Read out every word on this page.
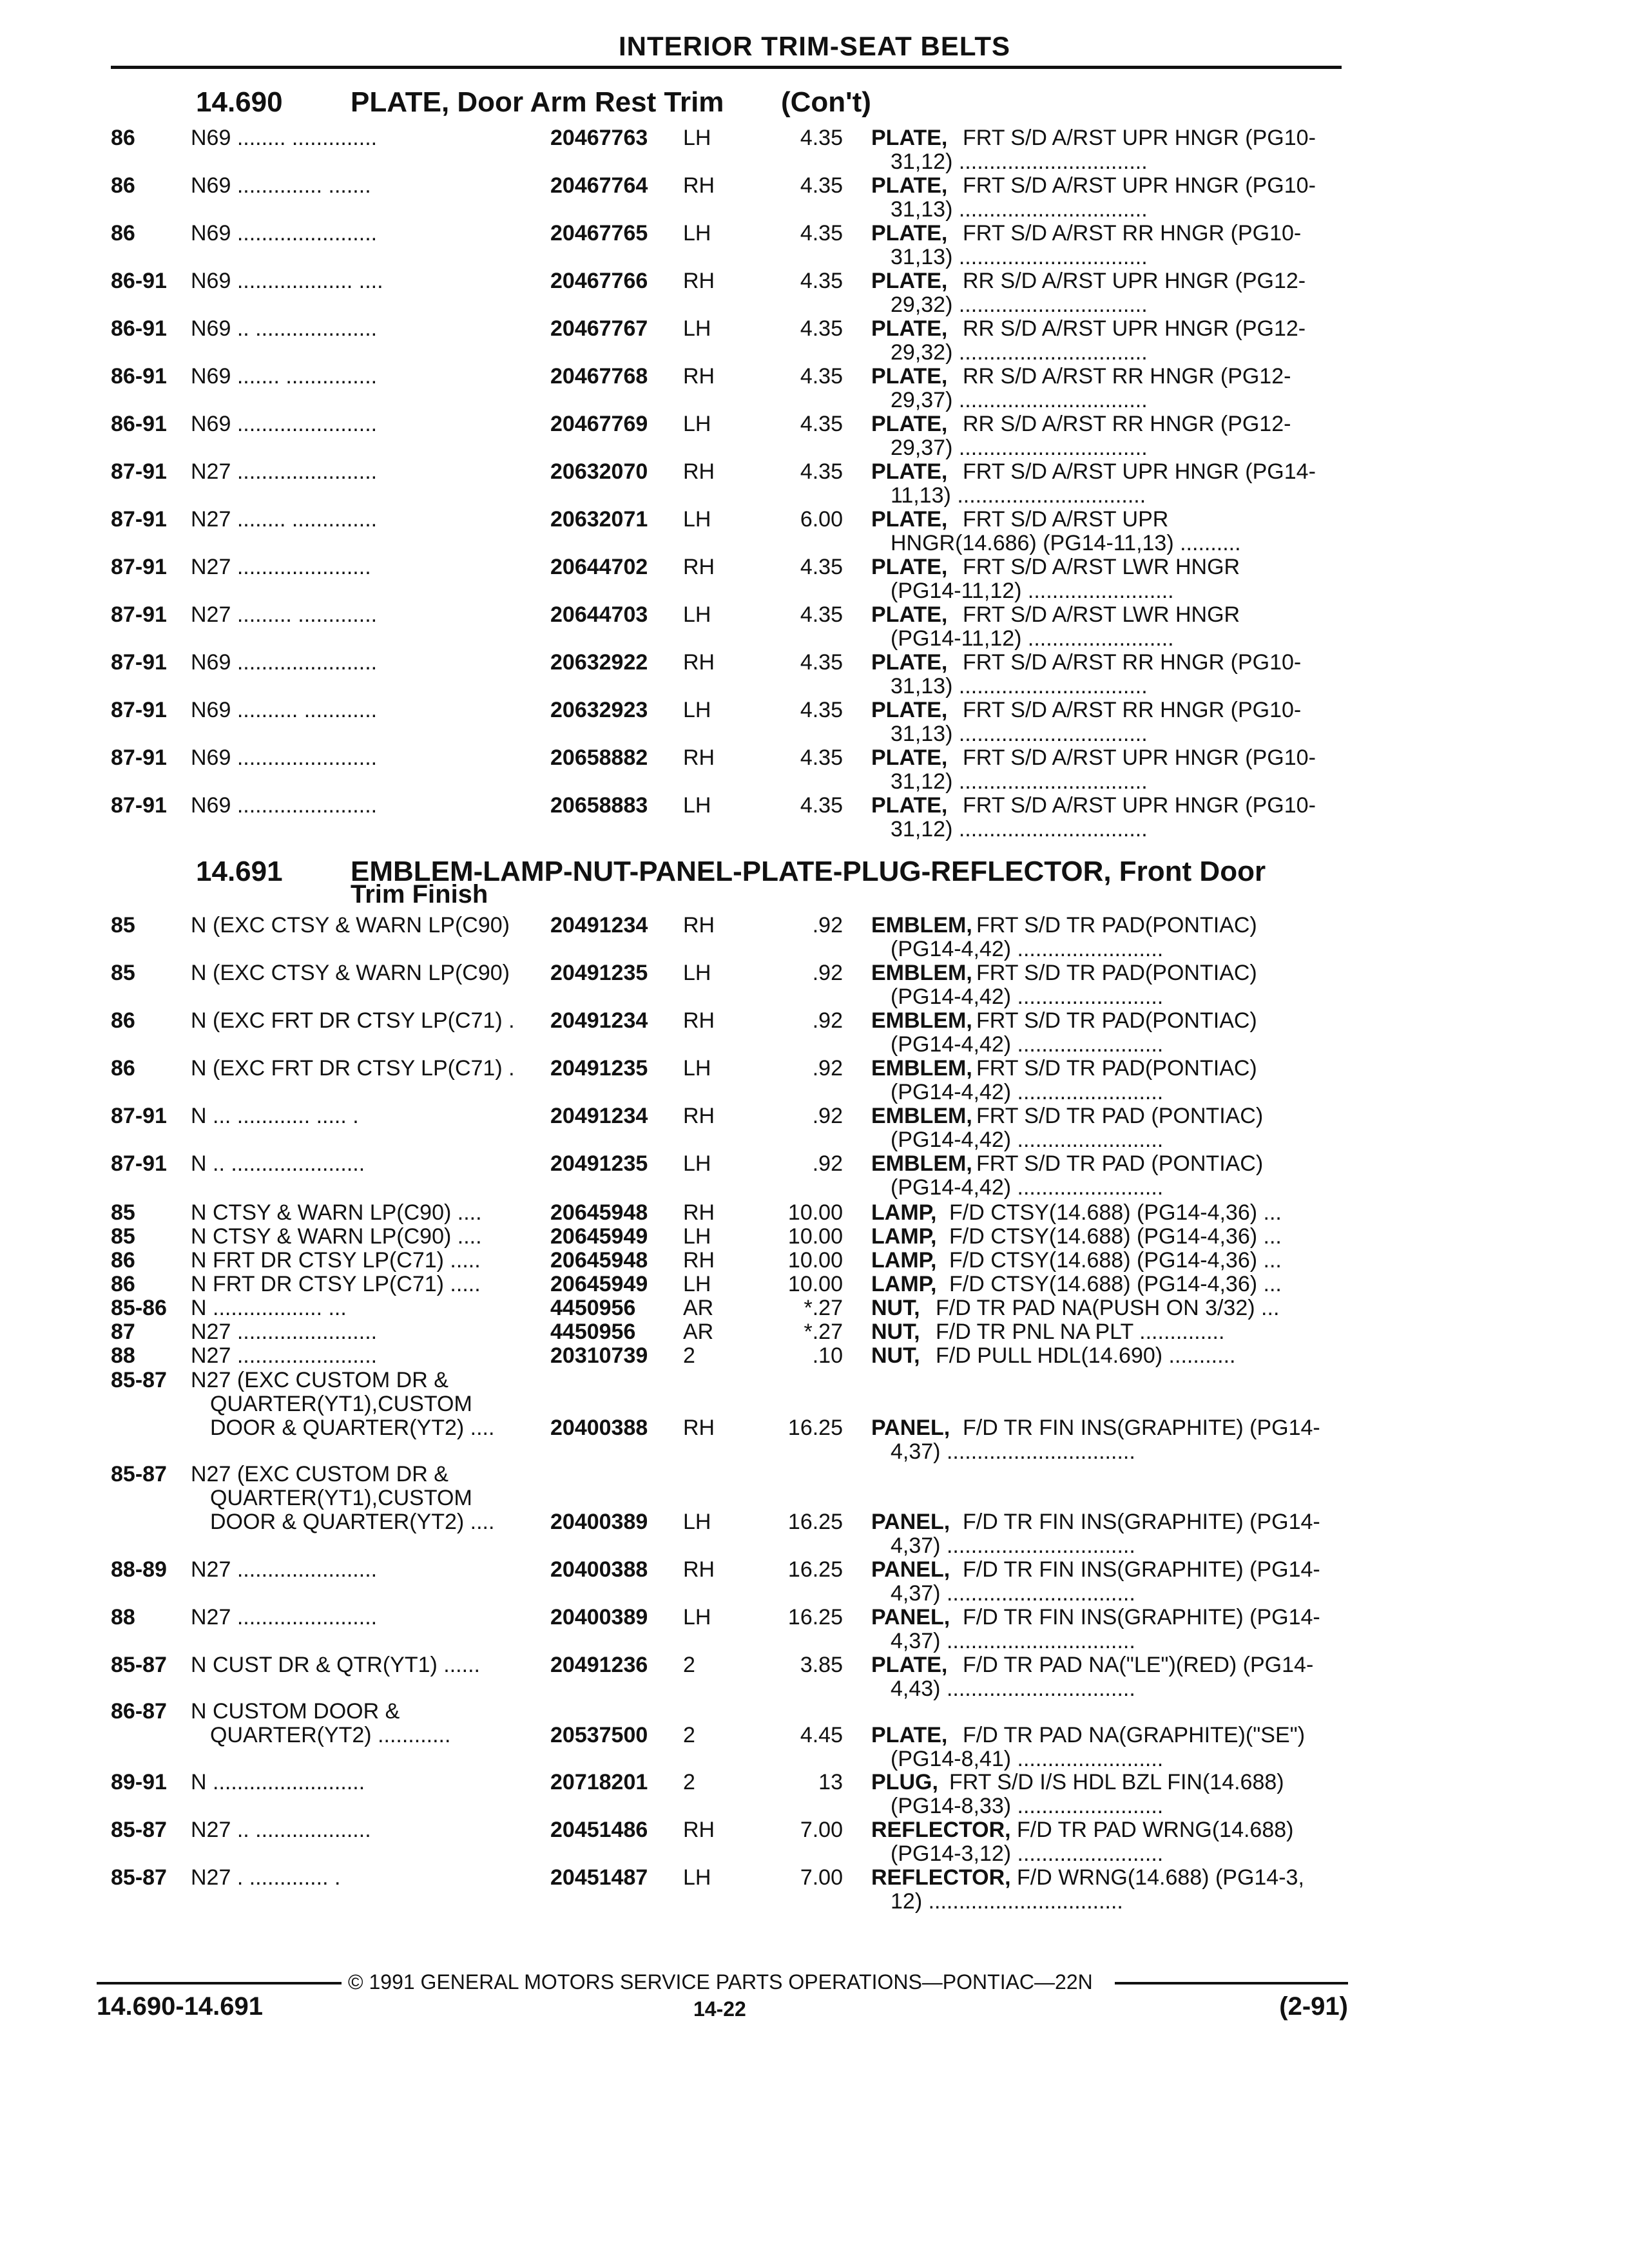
INTERIOR TRIM-SEAT BELTS
14.690 PLATE, Door Arm Rest Trim (Con't)
86	N69 ........ ..............	20467763 LH	4.35 PLATE, FRT S/D A/RST UPR HNGR (PG10-
31,12) ...............................
86	N69 .............. .......	20467764 RH	4.35 PLATE, FRT S/D A/RST UPR HNGR (PG10-
31,13) ...............................
86	N69 .......................	20467765 LH	4.35 PLATE, FRT S/D A/RST RR HNGR (PG10-
31,13) ...............................
86-91 N69 ................... ....	20467766 RH	4.35 PLATE, RR S/D A/RST UPR HNGR (PG12-
29,32) ...............................
86-91 N69 .. ....................	20467767 LH	4.35 PLATE, RR S/D A/RST UPR HNGR (PG12-
29,32) ...............................
86-91 N69 ....... ...............	20467768 RH	4.35 PLATE, RR S/D A/RST RR HNGR (PG12-
29,37) ...............................
86-91 N69 .......................	20467769 LH	4.35 PLATE, RR S/D A/RST RR HNGR (PG12-
29,37) ...............................
87-91 N27 .......................	20632070 RH	4.35 PLATE, FRT S/D A/RST UPR HNGR (PG14-
11,13) ...............................
87-91 N27 ........ ..............	20632071 LH	6.00 PLATE, FRT S/D A/RST UPR
HNGR(14.686) (PG14-11,13) ..........
87-91 N27 ......................	20644702 RH	4.35 PLATE, FRT S/D A/RST LWR HNGR
(PG14-11,12) ........................
87-91 N27 ......... .............	20644703 LH	4.35 PLATE, FRT S/D A/RST LWR HNGR
(PG14-11,12) ........................
87-91 N69 .......................	20632922 RH	4.35 PLATE, FRT S/D A/RST RR HNGR (PG10-
31,13) ...............................
87-91 N69 .......... ............	20632923 LH	4.35 PLATE, FRT S/D A/RST RR HNGR (PG10-
31,13) ...............................
87-91 N69 .......................	20658882 RH	4.35 PLATE, FRT S/D A/RST UPR HNGR (PG10-
31,12) ...............................
87-91 N69 .......................	20658883 LH	4.35 PLATE, FRT S/D A/RST UPR HNGR (PG10-
31,12) ...............................
14.691 EMBLEM-LAMP-NUT-PANEL-PLATE-PLUG-REFLECTOR, Front Door
Trim Finish
85	N (EXC CTSY & WARN LP(C90) 20491234 RH	.92 EMBLEM, FRT S/D TR PAD(PONTIAC)
(PG14-4,42) ........................
85	N (EXC CTSY & WARN LP(C90) 20491235 LH	.92 EMBLEM, FRT S/D TR PAD(PONTIAC)
(PG14-4,42) ........................
86	N (EXC FRT DR CTSY LP(C71) . 20491234 RH	.92 EMBLEM, FRT S/D TR PAD(PONTIAC)
(PG14-4,42) ........................
86	N (EXC FRT DR CTSY LP(C71) . 20491235 LH	.92 EMBLEM, FRT S/D TR PAD(PONTIAC)
(PG14-4,42) ........................
87-91 N ... ............ ..... .	20491234 RH	.92 EMBLEM, FRT S/D TR PAD (PONTIAC)
(PG14-4,42) ........................
87-91 N .. ......................	20491235 LH	.92 EMBLEM, FRT S/D TR PAD (PONTIAC)
(PG14-4,42) ........................
85	N CTSY & WARN LP(C90) ....	20645948 RH	10.00 LAMP, F/D CTSY(14.688) (PG14-4,36) ...
85	N CTSY & WARN LP(C90) ....	20645949 LH	10.00 LAMP, F/D CTSY(14.688) (PG14-4,36) ...
86	N FRT DR CTSY LP(C71) .....	20645948 RH	10.00 LAMP, F/D CTSY(14.688) (PG14-4,36) ...
86	N FRT DR CTSY LP(C71) .....	20645949 LH	10.00 LAMP, F/D CTSY(14.688) (PG14-4,36) ...
85-86 N .................. ...	4450956 AR	*.27 NUT, F/D TR PAD NA(PUSH ON 3/32) ...
87	N27 .......................	4450956 AR	*.27 NUT, F/D TR PNL NA PLT ..............
88	N27 .......................	20310739 2	.10 NUT, F/D PULL HDL(14.690) ...........
85-87 N27 (EXC CUSTOM DR &
QUARTER(YT1),CUSTOM
DOOR & QUARTER(YT2) ....	20400388 RH	16.25 PANEL, F/D TR FIN INS(GRAPHITE) (PG14-
4,37) ...............................
85-87 N27 (EXC CUSTOM DR &
QUARTER(YT1),CUSTOM
DOOR & QUARTER(YT2) ....	20400389 LH	16.25 PANEL, F/D TR FIN INS(GRAPHITE) (PG14-
4,37) ...............................
88-89 N27 .......................	20400388 RH	16.25 PANEL, F/D TR FIN INS(GRAPHITE) (PG14-
4,37) ...............................
88	N27 .......................	20400389 LH	16.25 PANEL, F/D TR FIN INS(GRAPHITE) (PG14-
4,37) ...............................
85-87 N CUST DR & QTR(YT1) ......	20491236 2	3.85 PLATE, F/D TR PAD NA("LE")(RED) (PG14-
4,43) ...............................
86-87 N CUSTOM DOOR &
QUARTER(YT2) ............	20537500 2	4.45 PLATE, F/D TR PAD NA(GRAPHITE)("SE")
(PG14-8,41) ........................
89-91 N .........................	20718201 2	13 PLUG, FRT S/D I/S HDL BZL FIN(14.688)
(PG14-8,33) ........................
85-87 N27 .. ...................	20451486 RH	7.00 REFLECTOR, F/D TR PAD WRNG(14.688)
(PG14-3,12) ........................
85-87 N27 . ............. .	20451487 LH	7.00 REFLECTOR, F/D WRNG(14.688) (PG14-3,
12) ................................
© 1991 GENERAL MOTORS SERVICE PARTS OPERATIONS—PONTIAC—22N
14.690-14.691	14-22	(2-91)
